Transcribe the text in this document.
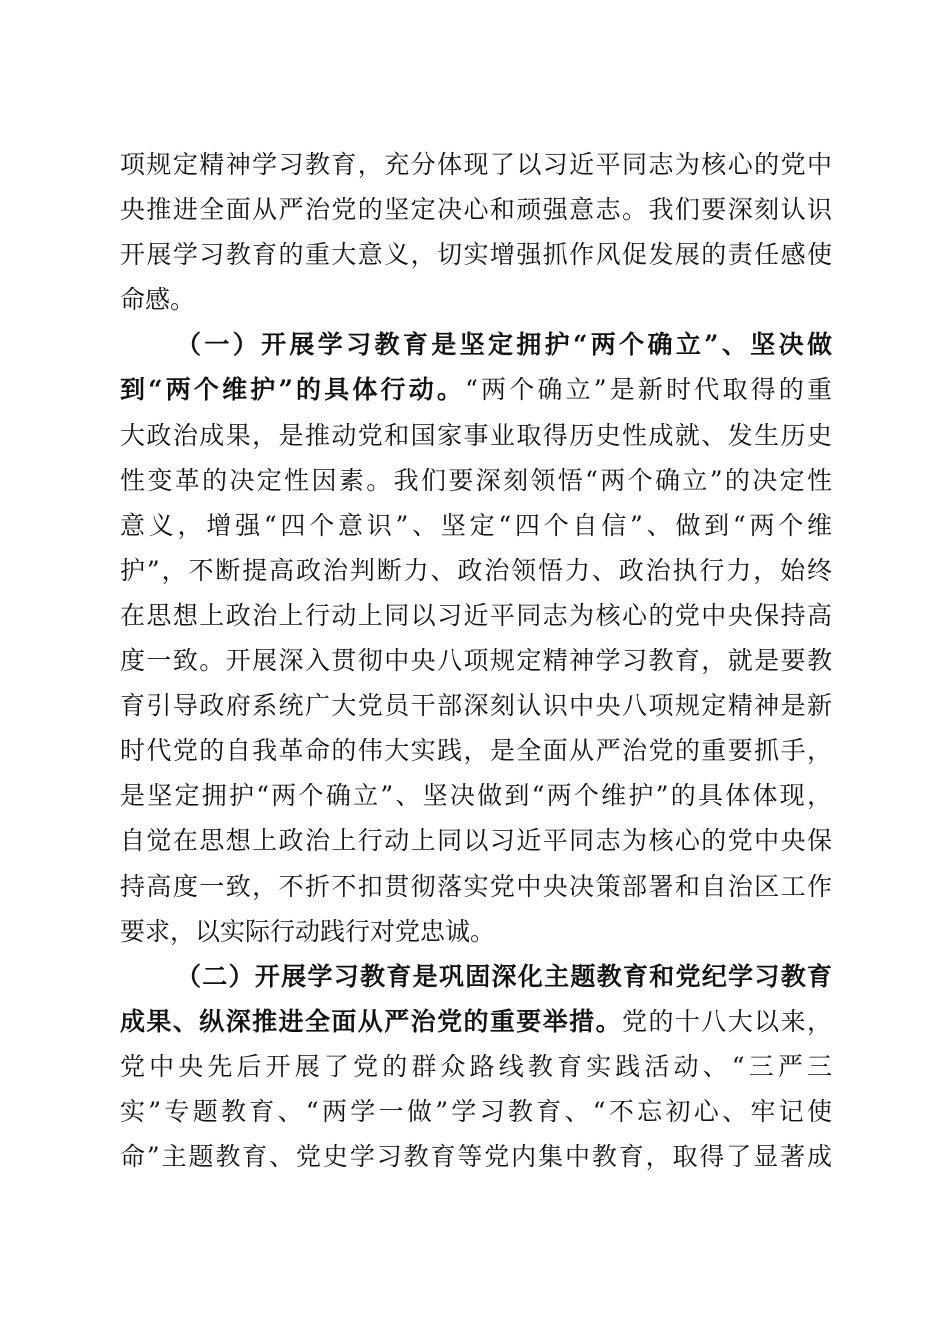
项规定精神学习教育，充分体现了以习近平同志为核心的党中
央推进全面从严治党的坚定决心和顽强意志。我们要深刻认识
开展学习教育的重大意义，切实增强抓作风促发展的责任感使
命感。
（一）开展学习教育是坚定拥护“两个确立”、坚决做
到“两个维护”的具体行动。“两个确立”是新时代取得的重
大政治成果，是推动党和国家事业取得历史性成就、发生历史
性变革的决定性因素。我们要深刻领悟“两个确立”的决定性
意义，增强“四个意识”、坚定“四个自信”、做到“两个维
护”，不断提高政治判断力、政治领悟力、政治执行力，始终
在思想上政治上行动上同以习近平同志为核心的党中央保持高
度一致。开展深入贯彻中央八项规定精神学习教育，就是要教
育引导政府系统广大党员干部深刻认识中央八项规定精神是新
时代党的自我革命的伟大实践，是全面从严治党的重要抓手，
是坚定拥护“两个确立”、坚决做到“两个维护”的具体体现，
自觉在思想上政治上行动上同以习近平同志为核心的党中央保
持高度一致，不折不扣贯彻落实党中央决策部署和自治区工作
要求，以实际行动践行对党忠诚。
（二）开展学习教育是巩固深化主题教育和党纪学习教育
成果、纵深推进全面从严治党的重要举措。党的十八大以来，
党中央先后开展了党的群众路线教育实践活动、“三严三
实”专题教育、“两学一做”学习教育、“不忘初心、牢记使
命”主题教育、党史学习教育等党内集中教育，取得了显著成
